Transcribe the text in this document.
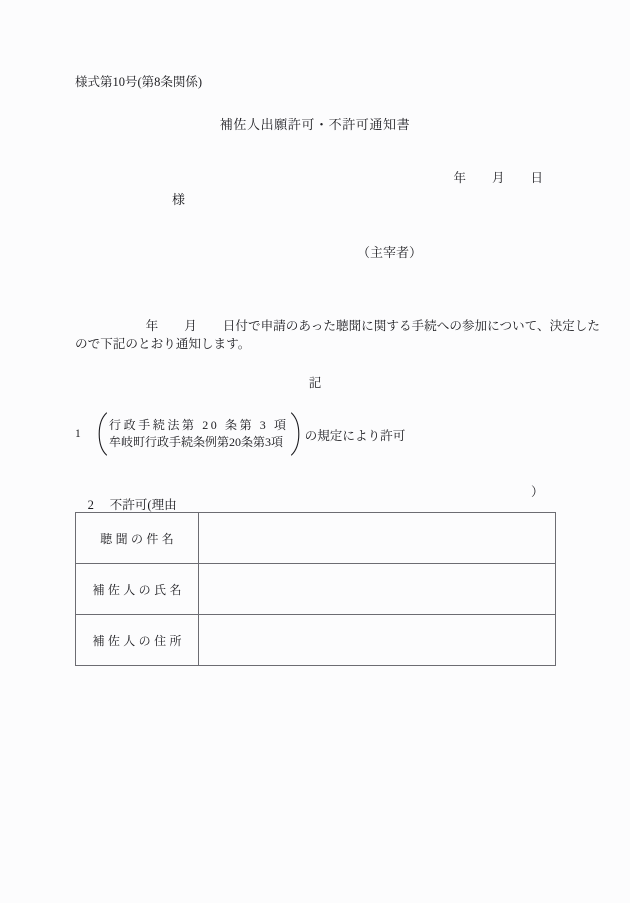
様式第10号(第8条関係)
補佐人出願許可・不許可通知書

年 月 日

様
（主宰者）

年 月 日付で申請のあった聴聞に関する手続への参加について、決定した

ので下記のとおり通知します。
記
1
行政手続法第 20 条第 3 項
牟岐町行政手続条例第20条第3項	の規定により許可

2 不許可(理由

）
聴聞の件名	
補佐人の氏名	
補佐人の住所	
